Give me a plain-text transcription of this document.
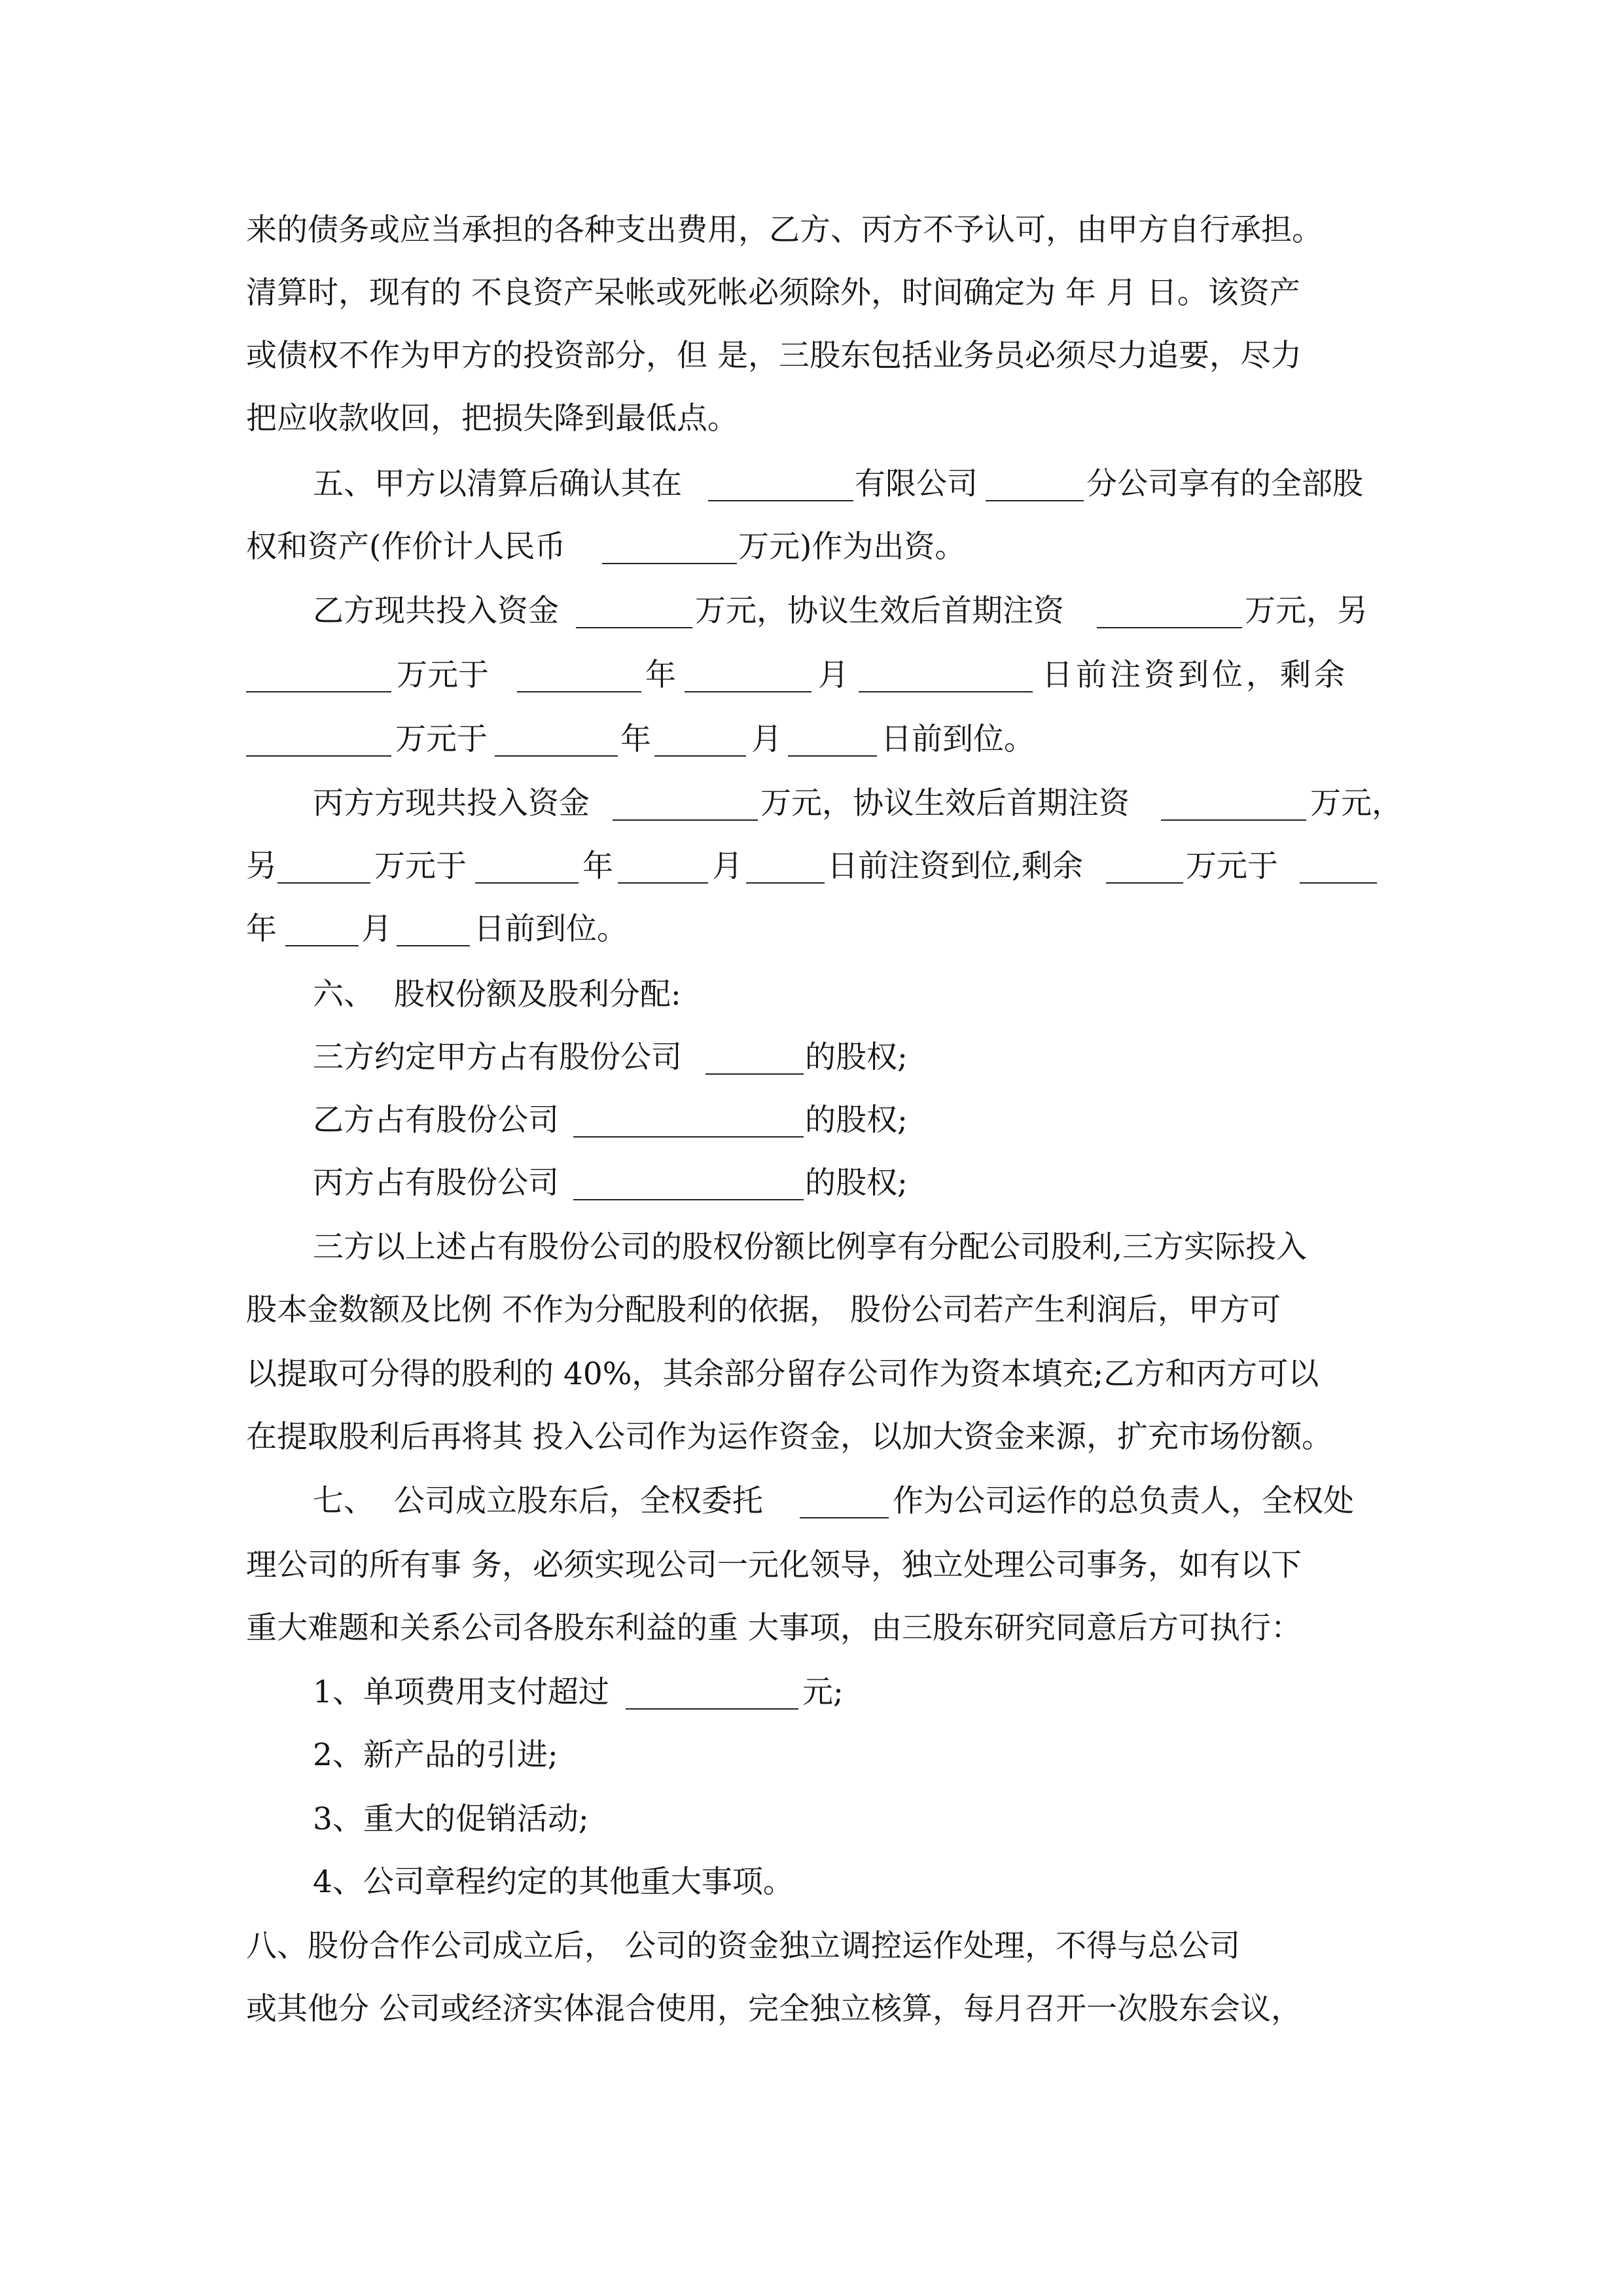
来的债务或应当承担的各种支出费用，乙方、丙方不予认可，由甲方自行承担。
清算时，现有的 不良资产呆帐或死帐必须除外，时间确定为 年 月 日。该资产
或债权不作为甲方的投资部分，但 是，三股东包括业务员必须尽力追要，尽力
把应收款收回，把损失降到最低点。
五、甲方以清算后确认其在	有限公司	分公司享有的全部股
权和资产(作价计人民币	万元)作为出资。
乙方现共投入资金	万元，协议生效后首期注资	万元，另
万元于	年	月	日前注资到位，剩余
万元于	年	月	日前到位。
丙方方现共投入资金	万元，协议生效后首期注资	万元，
另	万元于	年	月	日前注资到位,剩余	万元于
年	月	日前到位。
六、  股权份额及股利分配:
三方约定甲方占有股份公司	的股权;
乙方占有股份公司	的股权;
丙方占有股份公司	的股权;
三方以上述占有股份公司的股权份额比例享有分配公司股利,三方实际投入
股本金数额及比例 不作为分配股利的依据， 股份公司若产生利润后，甲方可
以提取可分得的股利的 40%，其余部分留存公司作为资本填充;乙方和丙方可以
在提取股利后再将其 投入公司作为运作资金，以加大资金来源，扩充市场份额。
七、  公司成立股东后，全权委托	作为公司运作的总负责人，全权处
理公司的所有事 务，必须实现公司一元化领导，独立处理公司事务，如有以下
重大难题和关系公司各股东利益的重 大事项，由三股东研究同意后方可执行：
1、单项费用支付超过	元;
2、新产品的引进;
3、重大的促销活动;
4、公司章程约定的其他重大事项。
八、股份合作公司成立后， 公司的资金独立调控运作处理，不得与总公司
或其他分 公司或经济实体混合使用，完全独立核算，每月召开一次股东会议，
